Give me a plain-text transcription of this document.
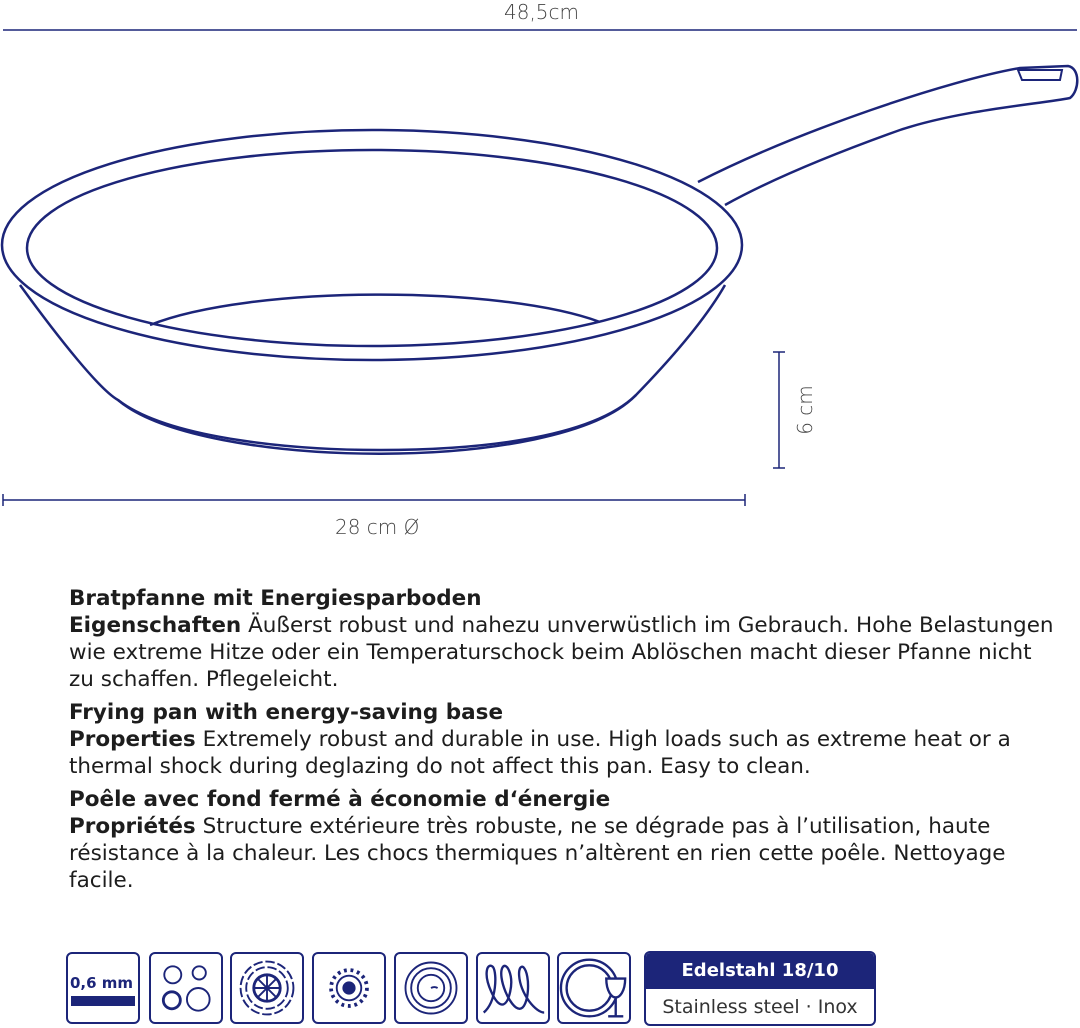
48,5cm
28 cm Ø
6 cm
Bratpfanne mit Energiesparboden
Eigenschaften Äußerst robust und nahezu unverwüstlich im Gebrauch. Hohe Belastungen wie extreme Hitze oder ein Temperaturschock beim Ablöschen macht dieser Pfanne nicht zu schaffen. Pflegeleicht.
Frying pan with energy-saving base
Properties Extremely robust and durable in use. High loads such as extreme heat or a thermal shock during deglazing do not affect this pan. Easy to clean.
Poêle avec fond fermé à économie d‘énergie
Propriétés Structure extérieure très robuste, ne se dégrade pas à l’utilisation, haute résistance à la chaleur. Les chocs thermiques n’altèrent en rien cette poêle. Nettoyage facile.
0,6 mm
Edelstahl 18/10
Stainless steel · Inox
